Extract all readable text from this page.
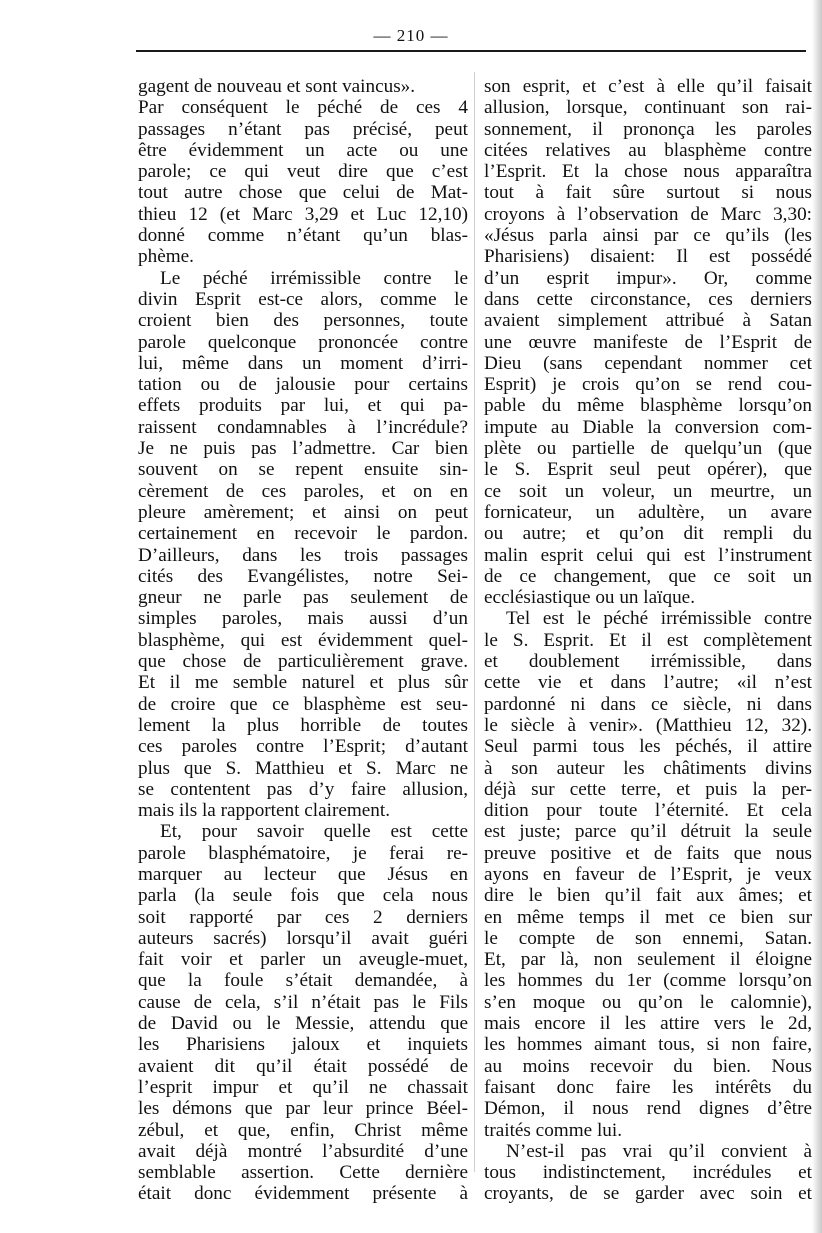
— 210 —
gagent de nouveau et sont vaincus».
Par conséquent le péché de ces 4
passages n’étant pas précisé, peut
être évidemment un acte ou une
parole; ce qui veut dire que c’est
tout autre chose que celui de Mat-
thieu 12 (et Marc 3,29 et Luc 12,10)
donné comme n’étant qu’un blas-
phème.
Le péché irrémissible contre le
divin Esprit est-ce alors, comme le
croient bien des personnes, toute
parole quelconque prononcée contre
lui, même dans un moment d’irri-
tation ou de jalousie pour certains
effets produits par lui, et qui pa-
raissent condamnables à l’incrédule?
Je ne puis pas l’admettre. Car bien
souvent on se repent ensuite sin-
cèrement de ces paroles, et on en
pleure amèrement; et ainsi on peut
certainement en recevoir le pardon.
D’ailleurs, dans les trois passages
cités des Evangélistes, notre Sei-
gneur ne parle pas seulement de
simples paroles, mais aussi d’un
blasphème, qui est évidemment quel-
que chose de particulièrement grave.
Et il me semble naturel et plus sûr
de croire que ce blasphème est seu-
lement la plus horrible de toutes
ces paroles contre l’Esprit; d’autant
plus que S. Matthieu et S. Marc ne
se contentent pas d’y faire allusion,
mais ils la rapportent clairement.
Et, pour savoir quelle est cette
parole blasphématoire, je ferai re-
marquer au lecteur que Jésus en
parla (la seule fois que cela nous
soit rapporté par ces 2 derniers
auteurs sacrés) lorsqu’il avait guéri
fait voir et parler un aveugle-muet,
que la foule s’était demandée, à
cause de cela, s’il n’était pas le Fils
de David ou le Messie, attendu que
les Pharisiens jaloux et inquiets
avaient dit qu’il était possédé de
l’esprit impur et qu’il ne chassait
les démons que par leur prince Béel-
zébul, et que, enfin, Christ même
avait déjà montré l’absurdité d’une
semblable assertion. Cette dernière
était donc évidemment présente à
son esprit, et c’est à elle qu’il faisait
allusion, lorsque, continuant son rai-
sonnement, il prononça les paroles
citées relatives au blasphème contre
l’Esprit. Et la chose nous apparaîtra
tout à fait sûre surtout si nous
croyons à l’observation de Marc 3,30:
«Jésus parla ainsi par ce qu’ils (les
Pharisiens) disaient: Il est possédé
d’un esprit impur». Or, comme
dans cette circonstance, ces derniers
avaient simplement attribué à Satan
une œuvre manifeste de l’Esprit de
Dieu (sans cependant nommer cet
Esprit) je crois qu’on se rend cou-
pable du même blasphème lorsqu’on
impute au Diable la conversion com-
plète ou partielle de quelqu’un (que
le S. Esprit seul peut opérer), que
ce soit un voleur, un meurtre, un
fornicateur, un adultère, un avare
ou autre; et qu’on dit rempli du
malin esprit celui qui est l’instrument
de ce changement, que ce soit un
ecclésiastique ou un laïque.
Tel est le péché irrémissible contre
le S. Esprit. Et il est complètement
et doublement irrémissible, dans
cette vie et dans l’autre; «il n’est
pardonné ni dans ce siècle, ni dans
le siècle à venir». (Matthieu 12, 32).
Seul parmi tous les péchés, il attire
à son auteur les châtiments divins
déjà sur cette terre, et puis la per-
dition pour toute l’éternité. Et cela
est juste; parce qu’il détruit la seule
preuve positive et de faits que nous
ayons en faveur de l’Esprit, je veux
dire le bien qu’il fait aux âmes; et
en même temps il met ce bien sur
le compte de son ennemi, Satan.
Et, par là, non seulement il éloigne
les hommes du 1er (comme lorsqu’on
s’en moque ou qu’on le calomnie),
mais encore il les attire vers le 2d,
les hommes aimant tous, si non faire,
au moins recevoir du bien. Nous
faisant donc faire les intérêts du
Démon, il nous rend dignes d’être
traités comme lui.
N’est-il pas vrai qu’il convient à
tous indistinctement, incrédules et
croyants, de se garder avec soin et
